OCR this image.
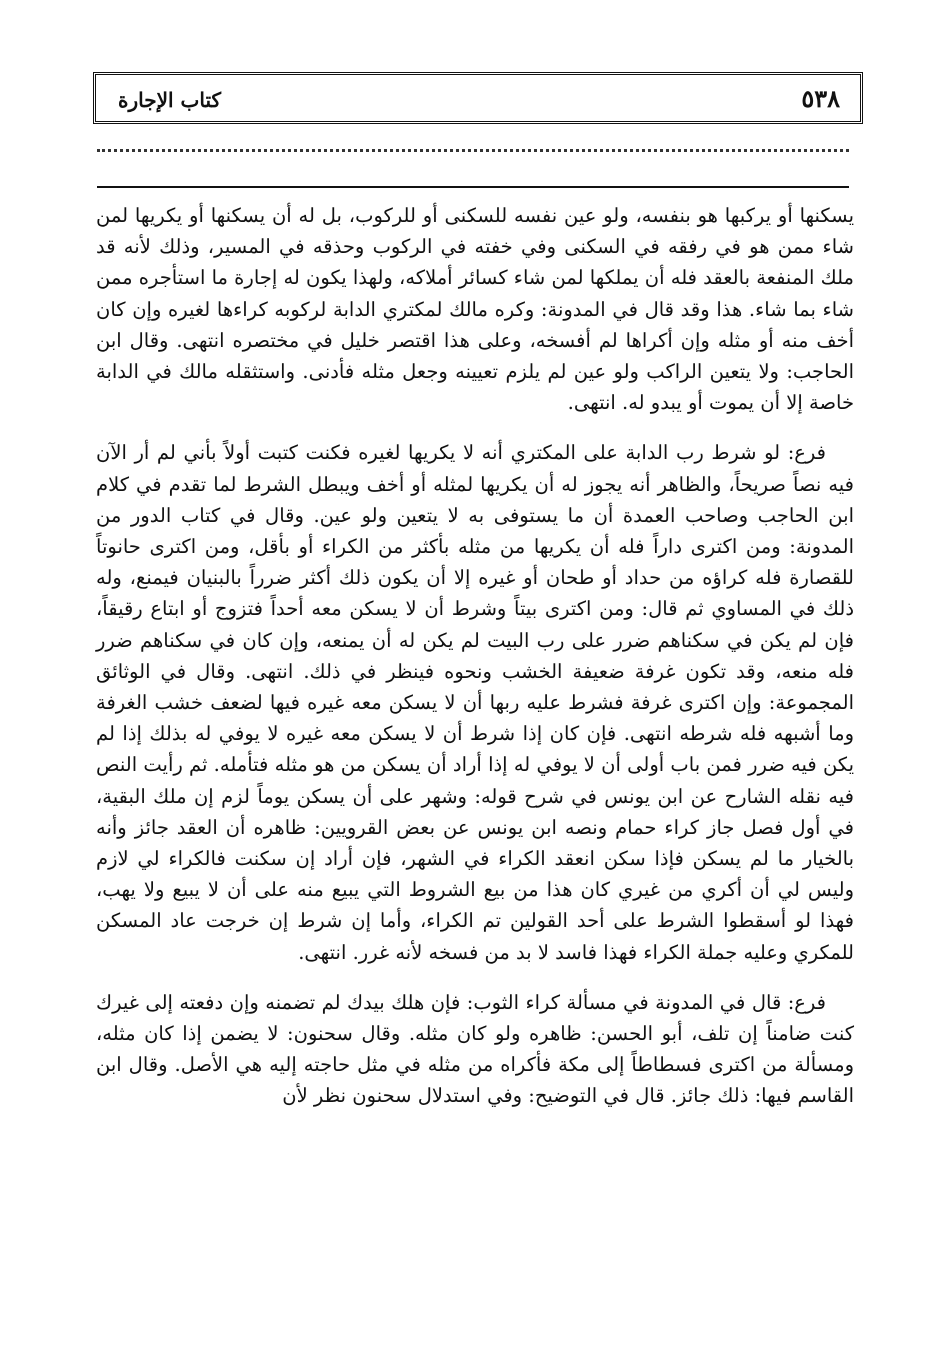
٥٣٨
كتاب الإجارة

يسكنها أو يركبها هو بنفسه، ولو عين نفسه للسكنى أو للركوب، بل له أن يسكنها أو يكريها لمن شاء ممن هو في رفقه في السكنى وفي خفته في الركوب وحذقه في المسير، وذلك لأنه قد ملك المنفعة بالعقد فله أن يملكها لمن شاء كسائر أملاكه، ولهذا يكون له إجارة ما استأجره ممن شاء بما شاء. هذا وقد قال في المدونة: وكره مالك لمكتري الدابة لركوبه كراءها لغيره وإن كان أخف منه أو مثله وإن أكراها لم أفسخه، وعلى هذا اقتصر خليل في مختصره انتهى. وقال ابن الحاجب: ولا يتعين الراكب ولو عين لم يلزم تعيينه وجعل مثله فأدنى. واستثقله مالك في الدابة خاصة إلا أن يموت أو يبدو له. انتهى.

فرع: لو شرط رب الدابة على المكتري أنه لا يكريها لغيره فكنت كتبت أولاً بأني لم أر الآن فيه نصاً صريحاً، والظاهر أنه يجوز له أن يكريها لمثله أو أخف ويبطل الشرط لما تقدم في كلام ابن الحاجب وصاحب العمدة أن ما يستوفى به لا يتعين ولو عين. وقال في كتاب الدور من المدونة: ومن اكترى داراً فله أن يكريها من مثله بأكثر من الكراء أو بأقل، ومن اكترى حانوتاً للقصارة فله كراؤه من حداد أو طحان أو غيره إلا أن يكون ذلك أكثر ضرراً بالبنيان فيمنع، وله ذلك في المساوي ثم قال: ومن اكترى بيتاً وشرط أن لا يسكن معه أحداً فتزوج أو ابتاع رقيقاً، فإن لم يكن في سكناهم ضرر على رب البيت لم يكن له أن يمنعه، وإن كان في سكناهم ضرر فله منعه، وقد تكون غرفة ضعيفة الخشب ونحوه فينظر في ذلك. انتهى. وقال في الوثائق المجموعة: وإن اكترى غرفة فشرط عليه ربها أن لا يسكن معه غيره فيها لضعف خشب الغرفة وما أشبهه فله شرطه انتهى. فإن كان إذا شرط أن لا يسكن معه غيره لا يوفي له بذلك إذا لم يكن فيه ضرر فمن باب أولى أن لا يوفي له إذا أراد أن يسكن من هو مثله فتأمله. ثم رأيت النص فيه نقله الشارح عن ابن يونس في شرح قوله: وشهر على أن يسكن يوماً لزم إن ملك البقية، في أول فصل جاز كراء حمام ونصه ابن يونس عن بعض القرويين: ظاهره أن العقد جائز وأنه بالخيار ما لم يسكن فإذا سكن انعقد الكراء في الشهر، فإن أراد إن سكنت فالكراء لي لازم وليس لي أن أكري من غيري كان هذا من بيع الشروط التي يبيع منه على أن لا يبيع ولا يهب، فهذا لو أسقطوا الشرط على أحد القولين تم الكراء، وأما إن شرط إن خرجت عاد المسكن للمكري وعليه جملة الكراء فهذا فاسد لا بد من فسخه لأنه غرر. انتهى.

فرع: قال في المدونة في مسألة كراء الثوب: فإن هلك بيدك لم تضمنه وإن دفعته إلى غيرك كنت ضامناً إن تلف، أبو الحسن: ظاهره ولو كان مثله. وقال سحنون: لا يضمن إذا كان مثله، ومسألة من اكترى فسطاطاً إلى مكة فأكراه من مثله في مثل حاجته إليه هي الأصل. وقال ابن القاسم فيها: ذلك جائز. قال في التوضيح: وفي استدلال سحنون نظر لأن
